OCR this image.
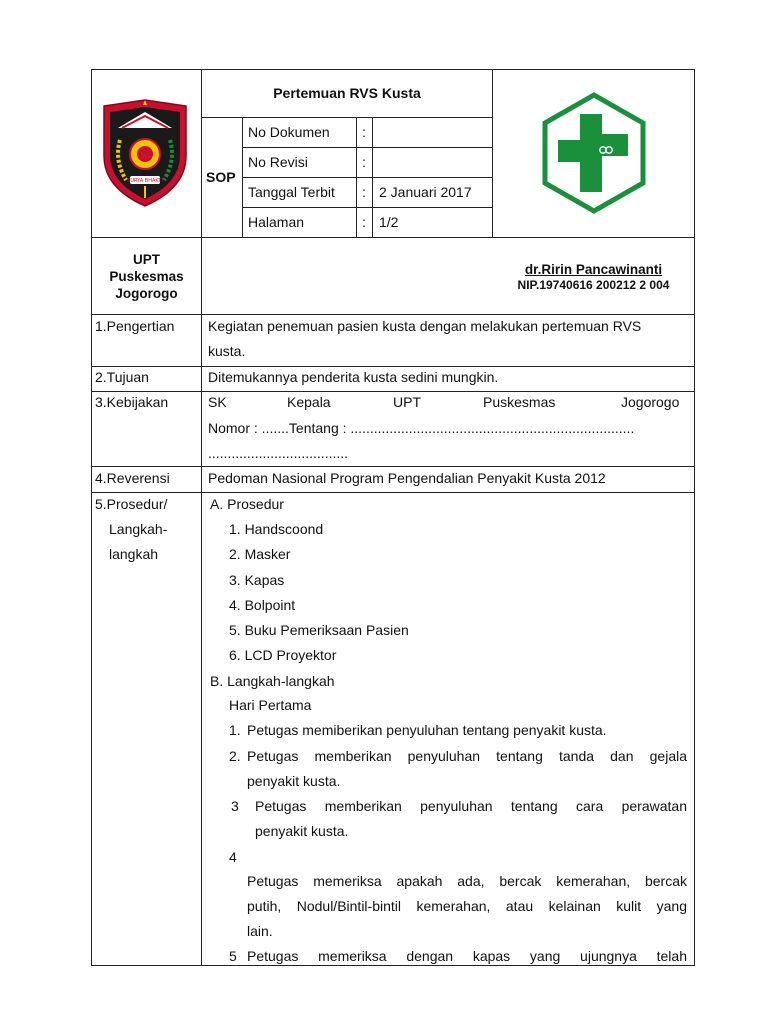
SURYA BHAKTI
Pertemuan RVS Kusta
SOP
No Dokumen :
No Revisi	:
Tanggal Terbit : 2 Januari 2017
Halaman	: 1/2
UPT
Puskesmas
Jogorogo
dr.Ririn Pancawinanti
NIP.19740616 200212 2 004
1.Pengertian Kegiatan penemuan pasien kusta dengan melakukan pertemuan RVS
kusta.
2.Tujuan	Ditemukannya penderita kusta sedini mungkin.
3.Kebijakan	SK	Kepala	UPT	Puskesmas	Jogorogo
Nomor : .......Tentang : .........................................................................
....................................
4.Reverensi	Pedoman Nasional Program Pengendalian Penyakit Kusta 2012
5.Prosedur/
Langkah-
langkah
A. Prosedur
1. Handscoond
2. Masker
3. Kapas
4. Bolpoint
5. Buku Pemeriksaan Pasien
6. LCD Proyektor
B. Langkah-langkah
Hari Pertama
1. Petugas memiberikan penyuluhan tentang penyakit kusta.
2. Petugas memberikan penyuluhan tentang tanda dan gejala
penyakit kusta.
3 Petugas memberikan penyuluhan tentang cara perawatan
penyakit kusta.
4
Petugas memeriksa apakah ada, bercak kemerahan, bercak
putih, Nodul/Bintil-bintil kemerahan, atau kelainan kulit yang
lain.
5 Petugas memeriksa dengan kapas yang ujungnya telah
